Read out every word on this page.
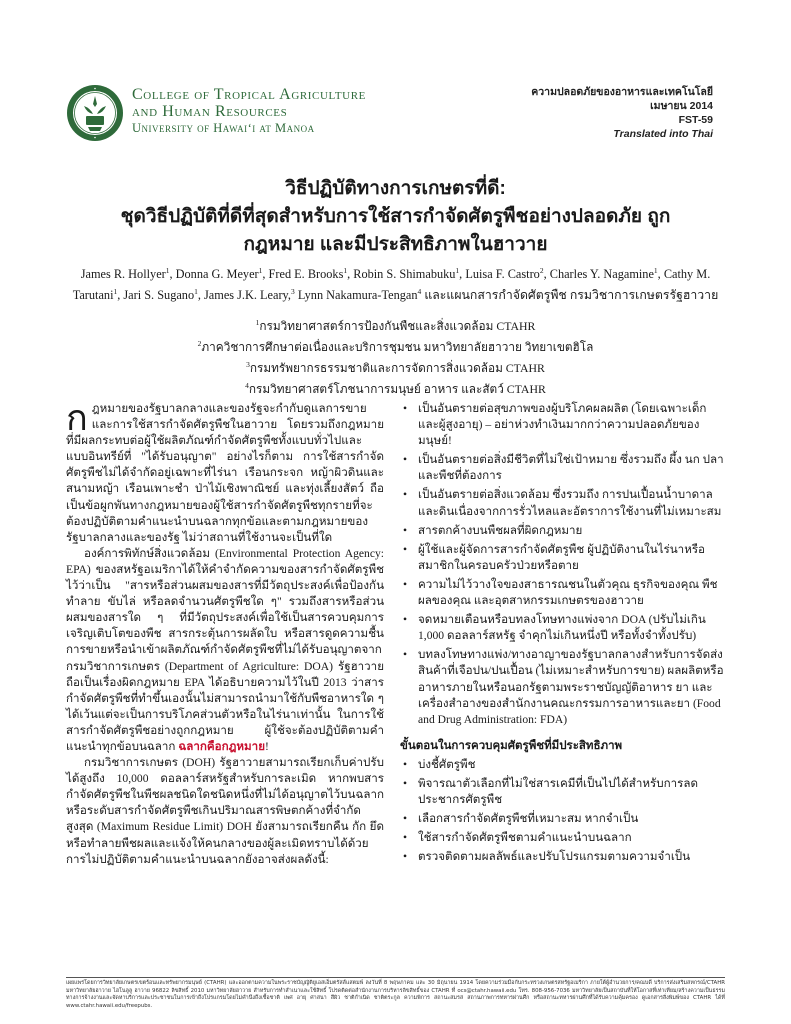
College of Tropical Agriculture
and Human Resources
University of Hawai‘i at Manoa
ความปลอดภัยของอาหารและเทคโนโลยี
เมษายน 2014
FST-59
Translated into Thai
วิธีปฏิบัติทางการเกษตรที่ดี:
ชุดวิธีปฏิบัติที่ดีที่สุดสำหรับการใช้สารกำจัดศัตรูพืชอย่างปลอดภัย ถูก
กฎหมาย และมีประสิทธิภาพในฮาวาย
James R. Hollyer$^1$, Donna G. Meyer$^1$, Fred E. Brooks$^1$, Robin S. Shimabuku$^1$, Luisa F. Castro$^2$, Charles Y. Nagamine$^1$, Cathy M. Tarutani$^1$, Jari S. Sugano$^1$, James J.K. Leary,$^3$ Lynn Nakamura-Tengan$^4$ และแผนกสารกำจัดศัตรูพืช กรมวิชาการเกษตรรัฐฮาวาย
$^1$กรมวิทยาศาสตร์การป้องกันพืชและสิ่งแวดล้อม CTAHR
$^2$ภาควิชาการศึกษาต่อเนื่องและบริการชุมชน มหาวิทยาลัยฮาวาย วิทยาเขตฮิโล
$^3$กรมทรัพยากรธรรมชาติและการจัดการสิ่งแวดล้อม CTAHR
$^4$กรมวิทยาศาสตร์โภชนาการมนุษย์ อาหาร และสัตว์ CTAHR

กฎหมายของรัฐบาลกลางและของรัฐจะกำกับดูแลการขายและการใช้สารกำจัดศัตรูพืชในฮาวาย โดยรวมถึงกฎหมายที่มีผลกระทบต่อผู้ใช้ผลิตภัณฑ์กำจัดศัตรูพืชทั้งแบบทั่วไปและแบบอินทรีย์ที่ "ได้รับอนุญาต" อย่างไรก็ตาม การใช้สารกำจัดศัตรูพืชไม่ได้จำกัดอยู่เฉพาะที่ไร่นา เรือนกระจก หญ้าผิวดินและสนามหญ้า เรือนเพาะชำ ป่าไม้เชิงพาณิชย์ และทุ่งเลี้ยงสัตว์ ถือเป็นข้อผูกพันทางกฎหมายของผู้ใช้สารกำจัดศัตรูพืชทุกรายที่จะต้องปฏิบัติตามคำแนะนำบนฉลากทุกข้อและตามกฎหมายของรัฐบาลกลางและของรัฐ ไม่ว่าสถานที่ใช้งานจะเป็นที่ใด

องค์การพิทักษ์สิ่งแวดล้อม (Environmental Protection Agency: EPA) ของสหรัฐอเมริกาได้ให้คำจำกัดความของสารกำจัดศัตรูพืชไว้ว่าเป็น "สารหรือส่วนผสมของสารที่มีวัตถุประสงค์เพื่อป้องกัน ทำลาย ขับไล่ หรือลดจำนวนศัตรูพืชใด ๆ" รวมถึงสารหรือส่วนผสมของสารใด ๆ ที่มีวัตถุประสงค์เพื่อใช้เป็นสารควบคุมการเจริญเติบโตของพืช สารกระตุ้นการผลัดใบ หรือสารดูดความชื้น การขายหรือนำเข้าผลิตภัณฑ์กำจัดศัตรูพืชที่ไม่ได้รับอนุญาตจากกรมวิชาการเกษตร (Department of Agriculture: DOA) รัฐฮาวายถือเป็นเรื่องผิดกฎหมาย EPA ได้อธิบายความไว้ในปี 2013 ว่าสารกำจัดศัตรูพืชที่ทำขึ้นเองนั้นไม่สามารถนำมาใช้กับพืชอาหารใด ๆ ได้เว้นแต่จะเป็นการบริโภคส่วนตัวหรือในไร่นาเท่านั้น ในการใช้สารกำจัดศัตรูพืชอย่างถูกกฎหมาย ผู้ใช้จะต้องปฏิบัติตามคำแนะนำทุกข้อบนฉลาก ฉลากคือกฎหมาย!

กรมวิชาการเกษตร (DOH) รัฐฮาวายสามารถเรียกเก็บค่าปรับได้สูงถึง 10,000 ดอลลาร์สหรัฐสำหรับการละเมิด หากพบสารกำจัดศัตรูพืชในพืชผลชนิดใดชนิดหนึ่งที่ไม่ได้อนุญาตไว้บนฉลาก หรือระดับสารกำจัดศัตรูพืชเกินปริมาณสารพิษตกค้างที่จำกัดสูงสุด (Maximum Residue Limit) DOH ยังสามารถเรียกคืน กัก ยึด หรือทำลายพืชผลและแจ้งให้คนกลางของผู้ละเมิดทราบได้ด้วย การไม่ปฏิบัติตามคำแนะนำบนฉลากยังอาจส่งผลดังนี้:

• เป็นอันตรายต่อสุขภาพของผู้บริโภคผลผลิต (โดยเฉพาะเด็กและผู้สูงอายุ) – อย่าห่วงทำเงินมากกว่าความปลอดภัยของมนุษย์!
• เป็นอันตรายต่อสิ่งมีชีวิตที่ไม่ใช่เป้าหมาย ซึ่งรวมถึง ผึ้ง นก ปลา และพืชที่ต้องการ
• เป็นอันตรายต่อสิ่งแวดล้อม ซึ่งรวมถึง การปนเปื้อนน้ำบาดาลและดินเนื่องจากการรั่วไหลและอัตราการใช้งานที่ไม่เหมาะสม
• สารตกค้างบนพืชผลที่ผิดกฎหมาย
• ผู้ใช้และผู้จัดการสารกำจัดศัตรูพืช ผู้ปฏิบัติงานในไร่นาหรือสมาชิกในครอบครัวป่วยหรือตาย
• ความไม่ไว้วางใจของสาธารณชนในตัวคุณ ธุรกิจของคุณ พืชผลของคุณ และอุตสาหกรรมเกษตรของฮาวาย
• จดหมายเตือนหรือบทลงโทษทางแพ่งจาก DOA (ปรับไม่เกิน 1,000 ดอลลาร์สหรัฐ จำคุกไม่เกินหนึ่งปี หรือทั้งจำทั้งปรับ)
• บทลงโทษทางแพ่ง/ทางอาญาของรัฐบาลกลางสำหรับการจัดส่งสินค้าที่เจือปน/ปนเปื้อน (ไม่เหมาะสำหรับการขาย) ผลผลิตหรืออาหารภายในหรือนอกรัฐตามพระราชบัญญัติอาหาร ยา และเครื่องสำอางของสำนักงานคณะกรรมการอาหารและยา (Food and Drug Administration: FDA)
ขั้นตอนในการควบคุมศัตรูพืชที่มีประสิทธิภาพ
• บ่งชี้ศัตรูพืช
• พิจารณาตัวเลือกที่ไม่ใช่สารเคมีที่เป็นไปได้สำหรับการลดประชากรศัตรูพืช
• เลือกสารกำจัดศัตรูพืชที่เหมาะสม หากจำเป็น
• ใช้สารกำจัดศัตรูพืชตามคำแนะนำบนฉลาก
• ตรวจติดตามผลลัพธ์และปรับโปรแกรมตามความจำเป็น
เผยแพร่โดยการวิทยาลัยเกษตรเขตร้อนและทรัพยากรมนุษย์ (CTAHR) และออกตามความในพระราชบัญญัติยูเอสเอ็มตรัสส์แสตมพ์ ลงวันที่ 8 พฤษภาคม และ 30 มิถุนายน 1914 โดยความร่วมมือกับกระทรวงเกษตรสหรัฐอเมริกา ภายใต้ผู้อำนวยการ/คณบดี บริการส่งเสริมสหกรณ์/CTAHR มหาวิทยาลัยฮาวาย ไฮโนลูลู ฮาวาย 96822 ลิขสิทธิ์ 2010 มหาวิทยาลัยฮาวาย สำหรับการทำสำเนาและใช้สิทธิ์ โปรดติดต่อสำนักงานการบริหารลิขสิทธิ์ของ CTAHR ที่ ocs@ctahr.hawaii.edu โทร. 808-956-7036 มหาวิทยาลัยเป็นสถาบันที่ให้โอกาสที่เท่าเทียม/สร้างความเป็นธรรมทางการจ้างงานและจัดหาบริการและประชาชนในการเข้าถึงโปรแกรมโดยไม่คำนึงถึงเชื้อชาติ เพศ อายุ ศาสนา สีผิว ชาติกำเนิด ชาติตระกูล ความพิการ สถานะสมรส สถานภาพการทหารผ่านศึก หรือสถานะทหารผ่านศึกที่ได้รับความคุ้มครอง ดูเอกสารสิ่งพิมพ์ของ CTAHR ได้ที่ www.ctahr.hawaii.edu/freepubs.
